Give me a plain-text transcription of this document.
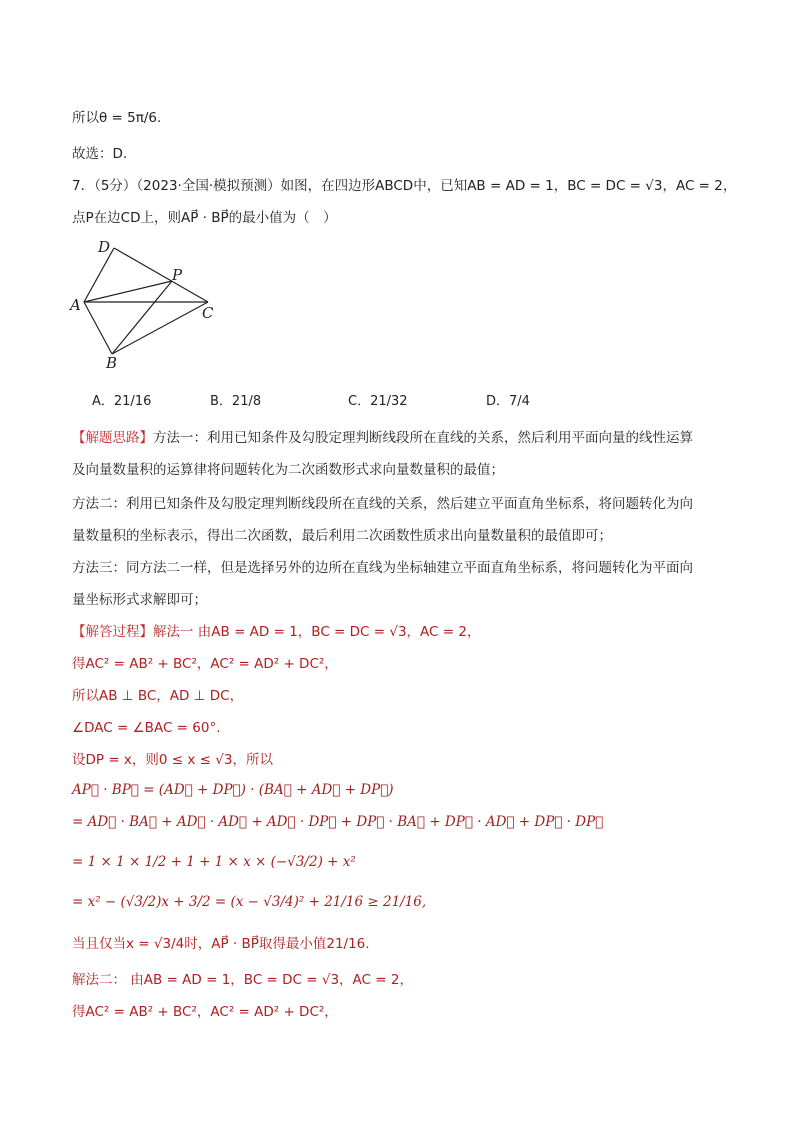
所以θ = 5π/6.
故选：D.
7．（5分）（2023·全国·模拟预测）如图，在四边形ABCD中，已知AB = AD = 1，BC = DC = √3，AC = 2，
点P在边CD上，则AP⃗ · BP⃗的最小值为（　）
D
P
A	C
B
A．21/16	B．21/8	C．21/32	D．7/4
【解题思路】方法一：利用已知条件及勾股定理判断线段所在直线的关系，然后利用平面向量的线性运算
及向量数量积的运算律将问题转化为二次函数形式求向量数量积的最值；
方法二：利用已知条件及勾股定理判断线段所在直线的关系，然后建立平面直角坐标系，将问题转化为向
量数量积的坐标表示，得出二次函数，最后利用二次函数性质求出向量数量积的最值即可；
方法三：同方法二一样，但是选择另外的边所在直线为坐标轴建立平面直角坐标系，将问题转化为平面向
量坐标形式求解即可；
【解答过程】解法一 由AB = AD = 1，BC = DC = √3，AC = 2，
得AC² = AB² + BC²，AC² = AD² + DC²，
所以AB ⊥ BC，AD ⊥ DC，
∠DAC = ∠BAC = 60°.
设DP = x，则0 ≤ x ≤ √3，所以
AP⃗ · BP⃗ = (AD⃗ + DP⃗) · (BA⃗ + AD⃗ + DP⃗)
= AD⃗ · BA⃗ + AD⃗ · AD⃗ + AD⃗ · DP⃗ + DP⃗ · BA⃗ + DP⃗ · AD⃗ + DP⃗ · DP⃗
= 1 × 1 × 1/2 + 1 + 1 × x × (−√3/2) + x²
= x² − (√3/2)x + 3/2 = (x − √3/4)² + 21/16 ≥ 21/16,
当且仅当x = √3/4时，AP⃗ · BP⃗取得最小值21/16.
解法二： 由AB = AD = 1，BC = DC = √3，AC = 2，
得AC² = AB² + BC²，AC² = AD² + DC²，
